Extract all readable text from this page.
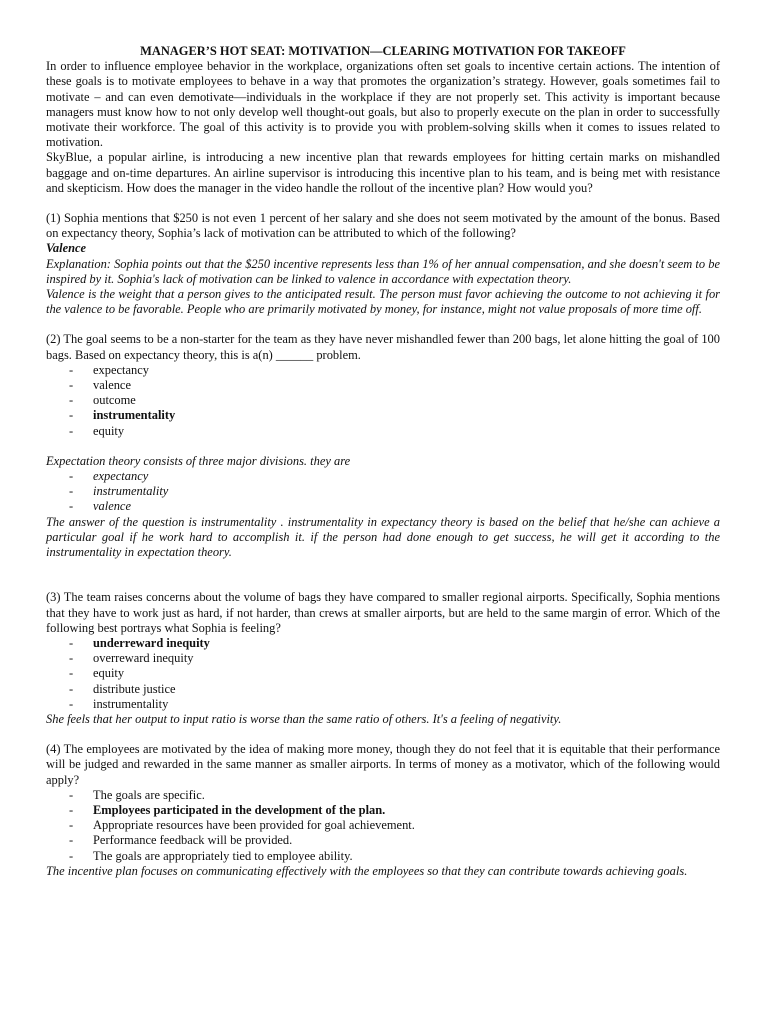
MANAGER’S HOT SEAT: MOTIVATION—CLEARING MOTIVATION FOR TAKEOFF

In order to influence employee behavior in the workplace, organizations often set goals to incentive certain actions. The intention of these goals is to motivate employees to behave in a way that promotes the organization’s strategy. However, goals sometimes fail to motivate – and can even demotivate—individuals in the workplace if they are not properly set. This activity is important because managers must know how to not only develop well thought-out goals, but also to properly execute on the plan in order to successfully motivate their workforce. The goal of this activity is to provide you with problem-solving skills when it comes to issues related to motivation.

SkyBlue, a popular airline, is introducing a new incentive plan that rewards employees for hitting certain marks on mishandled baggage and on-time departures. An airline supervisor is introducing this incentive plan to his team, and is being met with resistance and skepticism. How does the manager in the video handle the rollout of the incentive plan? How would you?

(1) Sophia mentions that $250 is not even 1 percent of her salary and she does not seem motivated by the amount of the bonus. Based on expectancy theory, Sophia’s lack of motivation can be attributed to which of the following?

Valence

Explanation: Sophia points out that the $250 incentive represents less than 1% of her annual compensation, and she doesn't seem to be inspired by it. Sophia's lack of motivation can be linked to valence in accordance with expectation theory.

Valence is the weight that a person gives to the anticipated result. The person must favor achieving the outcome to not achieving it for the valence to be favorable. People who are primarily motivated by money, for instance, might not value proposals of more time off.

(2) The goal seems to be a non-starter for the team as they have never mishandled fewer than 200 bags, let alone hitting the goal of 100 bags. Based on expectancy theory, this is a(n) ______ problem.

- expectancy
- valence
- outcome
- instrumentality
- equity

Expectation theory consists of three major divisions. they are

- expectancy
- instrumentality
- valence

The answer of the question is instrumentality . instrumentality in expectancy theory is based on the belief that he/she can achieve a particular goal if he work hard to accomplish it. if the person had done enough to get success, he will get it according to the instrumentality in expectation theory.

(3) The team raises concerns about the volume of bags they have compared to smaller regional airports. Specifically, Sophia mentions that they have to work just as hard, if not harder, than crews at smaller airports, but are held to the same margin of error. Which of the following best portrays what Sophia is feeling?

- underreward inequity
- overreward inequity
- equity
- distribute justice
- instrumentality

She feels that her output to input ratio is worse than the same ratio of others. It's a feeling of negativity.

(4) The employees are motivated by the idea of making more money, though they do not feel that it is equitable that their performance will be judged and rewarded in the same manner as smaller airports. In terms of money as a motivator, which of the following would apply?

- The goals are specific.
- Employees participated in the development of the plan.
- Appropriate resources have been provided for goal achievement.
- Performance feedback will be provided.
- The goals are appropriately tied to employee ability.

The incentive plan focuses on communicating effectively with the employees so that they can contribute towards achieving goals.
